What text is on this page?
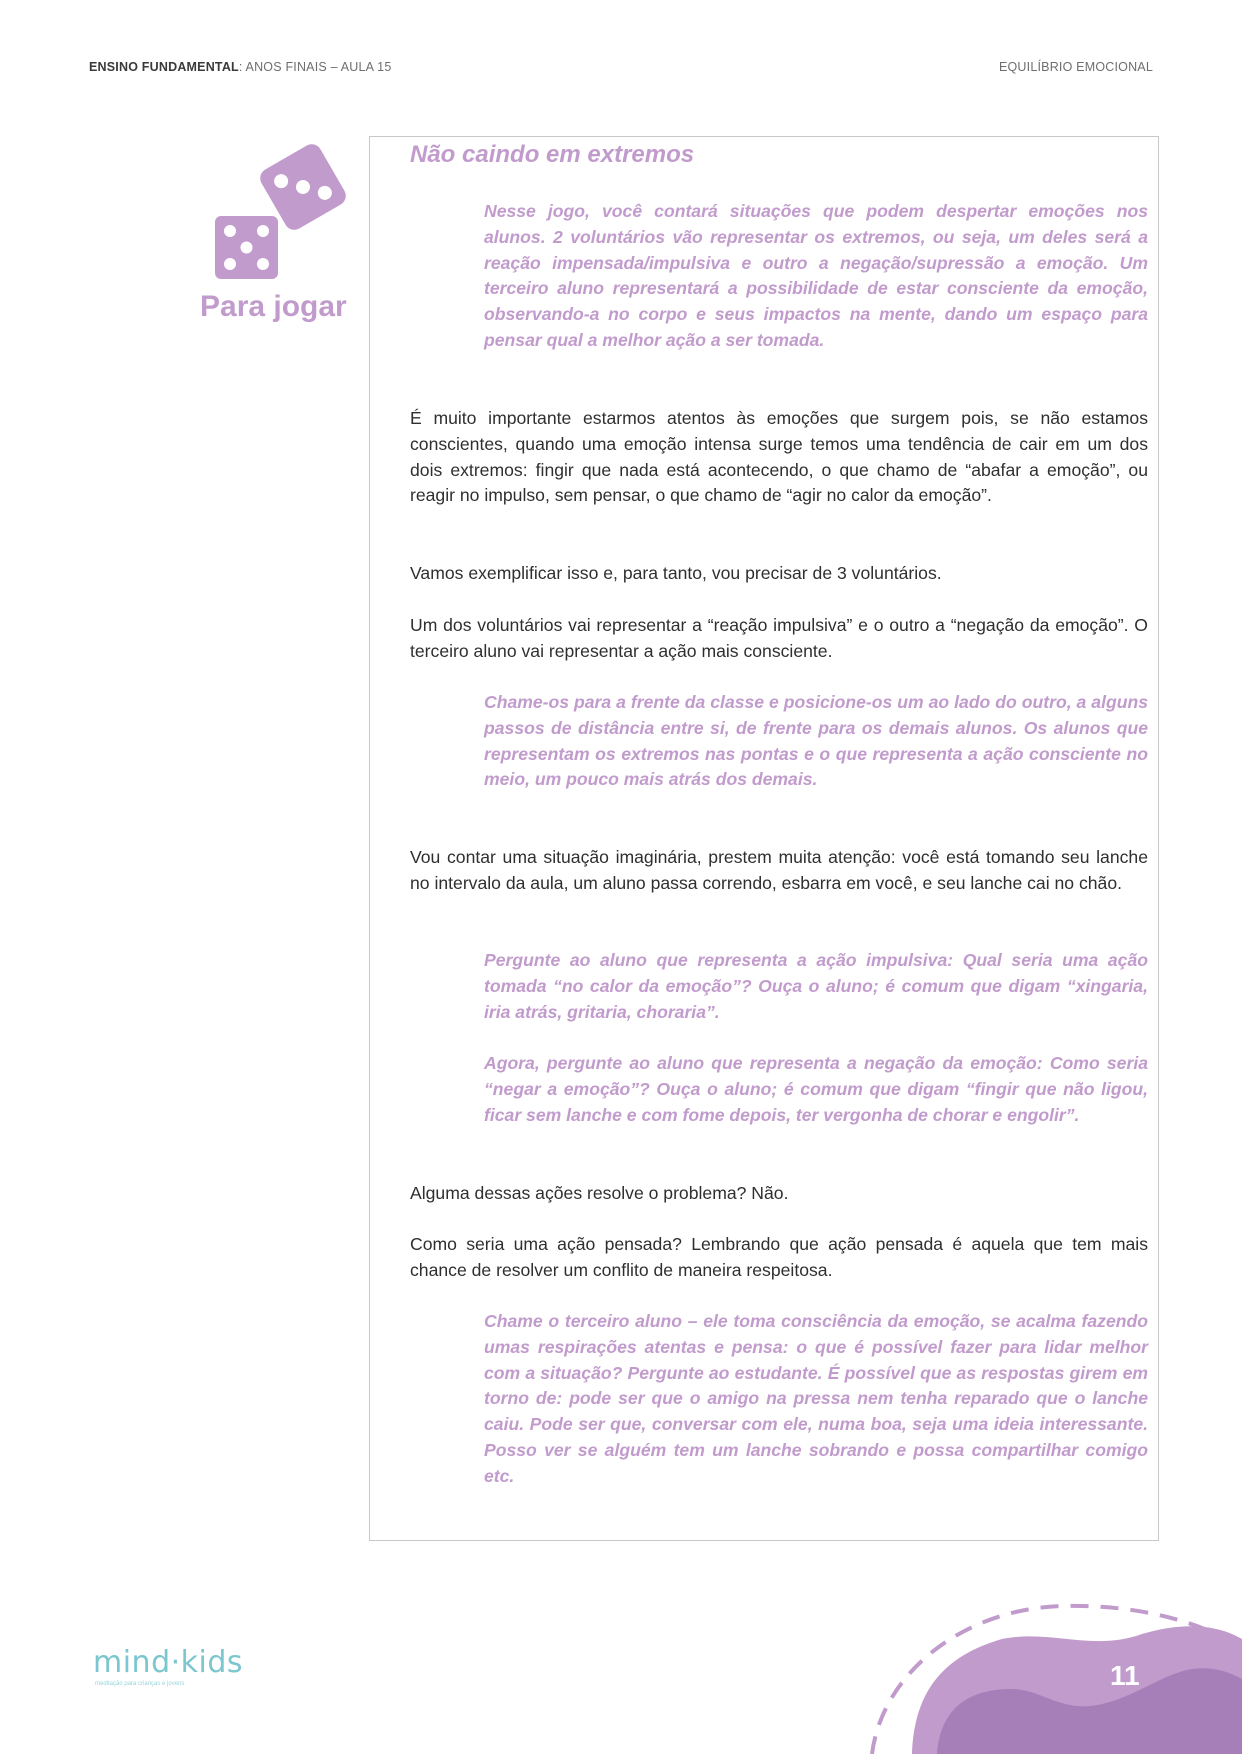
ENSINO FUNDAMENTAL: ANOS FINAIS – AULA 15	EQUILÍBRIO EMOCIONAL
Para jogar
Não caindo em extremos

Nesse jogo, você contará situações que podem despertar emoções nos alunos. 2 voluntários vão representar os extremos, ou seja, um deles será a reação impensada/impulsiva e outro a negação/supressão a emoção. Um terceiro aluno representará a possibilidade de estar consciente da emoção, observando-a no corpo e seus impactos na mente, dando um espaço para pensar qual a melhor ação a ser tomada.

É muito importante estarmos atentos às emoções que surgem pois, se não estamos conscientes, quando uma emoção intensa surge temos uma tendência de cair em um dos dois extremos: fingir que nada está acontecendo, o que chamo de “abafar a emoção”, ou reagir no impulso, sem pensar, o que chamo de “agir no calor da emoção”.

Vamos exemplificar isso e, para tanto, vou precisar de 3 voluntários.

Um dos voluntários vai representar a “reação impulsiva” e o outro a “negação da emoção”. O terceiro aluno vai representar a ação mais consciente.

Chame-os para a frente da classe e posicione-os um ao lado do outro, a alguns passos de distância entre si, de frente para os demais alunos. Os alunos que representam os extremos nas pontas e o que representa a ação consciente no meio, um pouco mais atrás dos demais.

Vou contar uma situação imaginária, prestem muita atenção: você está tomando seu lanche no intervalo da aula, um aluno passa correndo, esbarra em você, e seu lanche cai no chão.

Pergunte ao aluno que representa a ação impulsiva: Qual seria uma ação tomada “no calor da emoção”? Ouça o aluno; é comum que digam “xingaria, iria atrás, gritaria, choraria”.

Agora, pergunte ao aluno que representa a negação da emoção: Como seria “negar a emoção”? Ouça o aluno; é comum que digam “fingir que não ligou, ficar sem lanche e com fome depois, ter vergonha de chorar e engolir”.

Alguma dessas ações resolve o problema? Não.

Como seria uma ação pensada? Lembrando que ação pensada é aquela que tem mais chance de resolver um conflito de maneira respeitosa.

Chame o terceiro aluno – ele toma consciência da emoção, se acalma fazendo umas respirações atentas e pensa: o que é possível fazer para lidar melhor com a situação? Pergunte ao estudante. É possível que as respostas girem em torno de: pode ser que o amigo na pressa nem tenha reparado que o lanche caiu. Pode ser que, conversar com ele, numa boa, seja uma ideia interessante. Posso ver se alguém tem um lanche sobrando e possa compartilhar comigo etc.

mind·kids
meditação para crianças e jovens	11
